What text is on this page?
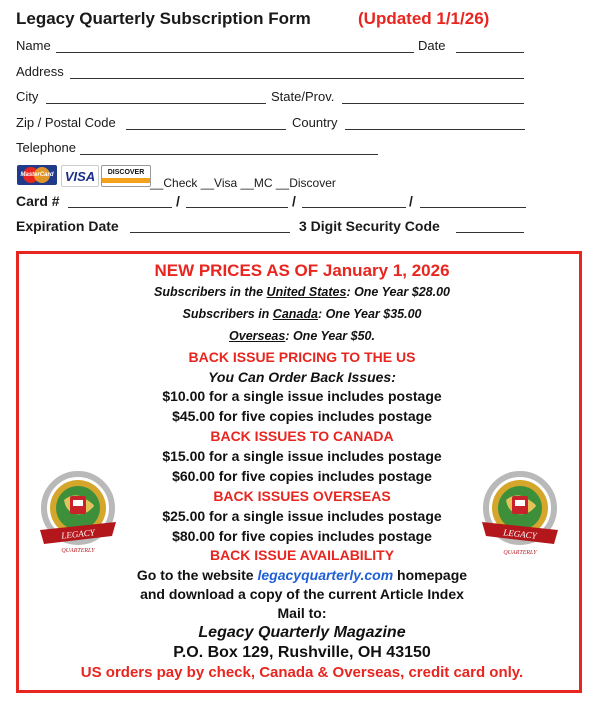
Legacy Quarterly Subscription Form	(Updated 1/1/26)
Name	Date
Address
City	State/Prov.
Zip / Postal Code	Country
Telephone
MasterCard VISA	DISCOVER
__Check __Visa __MC __Discover
Card #	/	/	/
Expiration Date	3 Digit Security Code
NEW PRICES AS OF January 1, 2026
Subscribers in the United States: One Year $28.00
Subscribers in Canada: One Year $35.00
Overseas: One Year $50.
BACK ISSUE PRICING TO THE US
You Can Order Back Issues:
$10.00 for a single issue includes postage
$45.00 for five copies includes postage
BACK ISSUES TO CANADA
$15.00 for a single issue includes postage
$60.00 for five copies includes postage
BACK ISSUES OVERSEAS
$25.00 for a single issue includes postage
$80.00 for five copies includes postage
BACK ISSUE AVAILABILITY
Go to the website legacyquarterly.com homepage
and download a copy of the current Article Index
Mail to:
Legacy Quarterly Magazine
P.O. Box 129, Rushville, OH 43150
US orders pay by check, Canada & Overseas, credit card only.
LEGACY
QUARTERLY
LEGACY
QUARTERLY
